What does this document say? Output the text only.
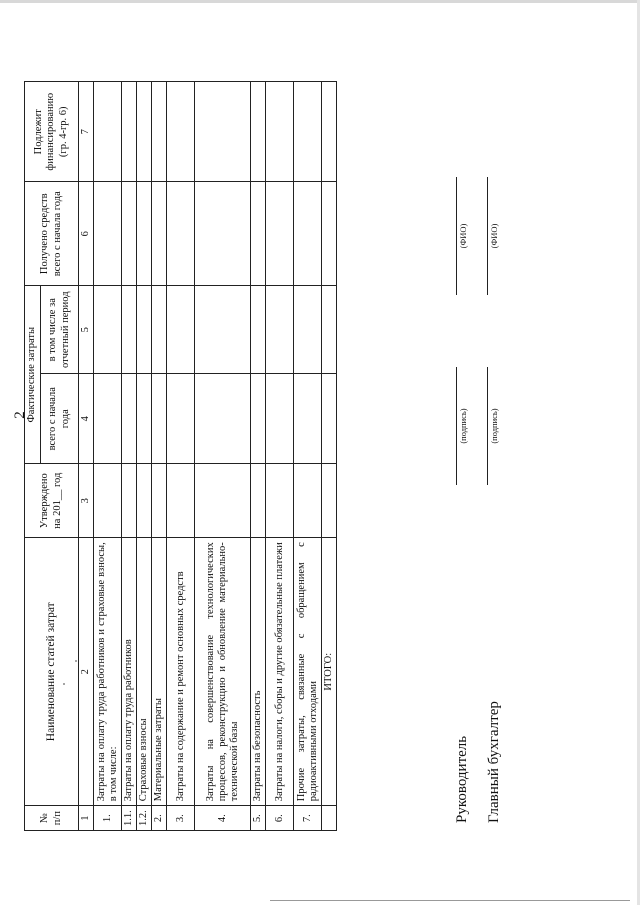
2
№ п/п	Наименование статей затрат	Утверждено на 201__ год	Фактические затраты		Получено средств всего с начала года	Подлежит финансированию (гр. 4-гр. 6)
			всего с начала года	в том числе за отчетный период		
1	2	3	4	5	6	7
1.	Затраты на оплату труда работников и страховые взносы, в том числе:					
1.1.	Затраты на оплату труда работников					
1.2.	Страховые взносы					
2.	Материальные затраты					
3.	Затраты на содержание и ремонт основных средств					
4.	Затраты на совершенствование технологических процессов, реконструкцию и обновление материально-технической базы					
5.	Затраты на безопасность					
6.	Затраты на налоги, сборы и другие обязательные платежи					
7.	Прочие затраты, связанные с обращением с радиоактивными отходами					
	ИТОГО:					
Руководитель
(подпись)
(ФИО)
Главный бухгалтер
(подпись)
(ФИО)
